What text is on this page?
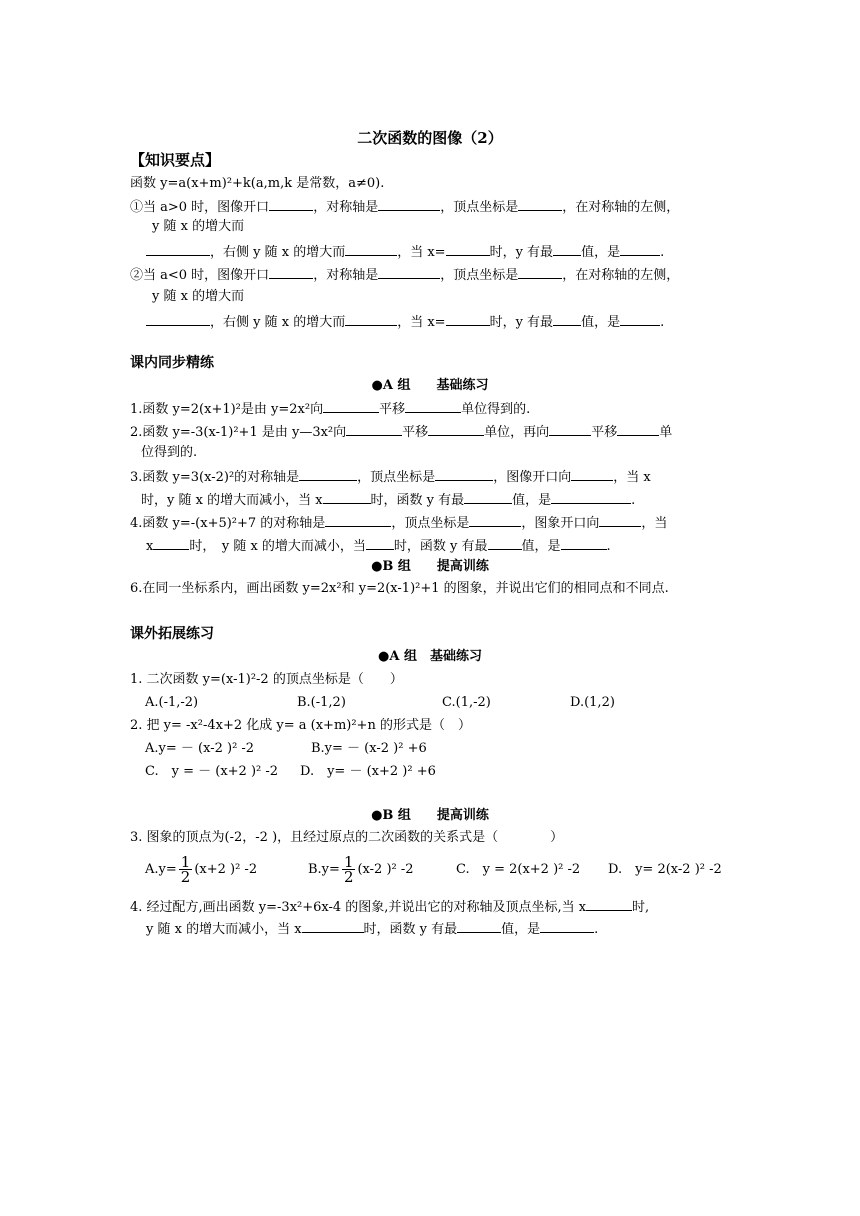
二次函数的图像（2）
【知识要点】
函数 y=a(x+m)²+k(a,m,k 是常数，a≠0).
①当 a>0 时，图像开口	，对称轴是	，顶点坐标是	，在对称轴的左侧，
y 随 x 的增大而
，右侧 y 随 x 的增大而	，当 x=	时，y 有最 值，是	.
②当 a<0 时，图像开口	，对称轴是	，顶点坐标是	，在对称轴的左侧，
y 随 x 的增大而
，右侧 y 随 x 的增大而	，当 x=	时，y 有最 值，是	.
课内同步精练
●A 组　　基础练习
1.函数 y=2(x+1)²是由 y=2x²向	平移	单位得到的.
2.函数 y=-3(x-1)²+1 是由 y—3x²向	平移	单位，再向	平移	单
位得到的.
3.函数 y=3(x-2)²的对称轴是	，顶点坐标是	，图像开口向	，当 x
时，y 随 x 的增大而减小，当 x	时，函数 y 有最	值，是	.
4.函数 y=-(x+5)²+7 的对称轴是	，顶点坐标是	，图象开口向	，当
x	时，　y 随 x 的增大而减小，当 时，函数 y 有最	值，是	.
●B 组　　提高训练
6.在同一坐标系内，画出函数 y=2x²和 y=2(x-1)²+1 的图象，并说出它们的相同点和不同点.
课外拓展练习
●A 组　基础练习
1. 二次函数 y=(x-1)²-2 的顶点坐标是（　　）
A.(-1,-2)	B.(-1,2)	C.(1,-2)	D.(1,2)
2. 把 y= -x²-4x+2 化成 y= a (x+m)²+n 的形式是（　）
A.y= － (x-2 )² -2	B.y= － (x-2 )² +6
C.　y = － (x+2 )² -2 D.　y= － (x+2 )² +6
●B 组　　提高训练
3. 图象的顶点为(-2，-2 )，且经过原点的二次函数的关系式是（　　　　）
$A.y= \frac{1}{2} (x+2$ )² -2	$B.y= \frac{1}{2} (x-2$ )² -2	C.　y = 2(x+2 )² -2 D.　y= 2(x-2 )² -2
4. 经过配方,画出函数 y=-3x²+6x-4 的图象,并说出它的对称轴及顶点坐标,当 x	时,
y 随 x 的增大而减小，当 x	时，函数 y 有最	值，是	.
